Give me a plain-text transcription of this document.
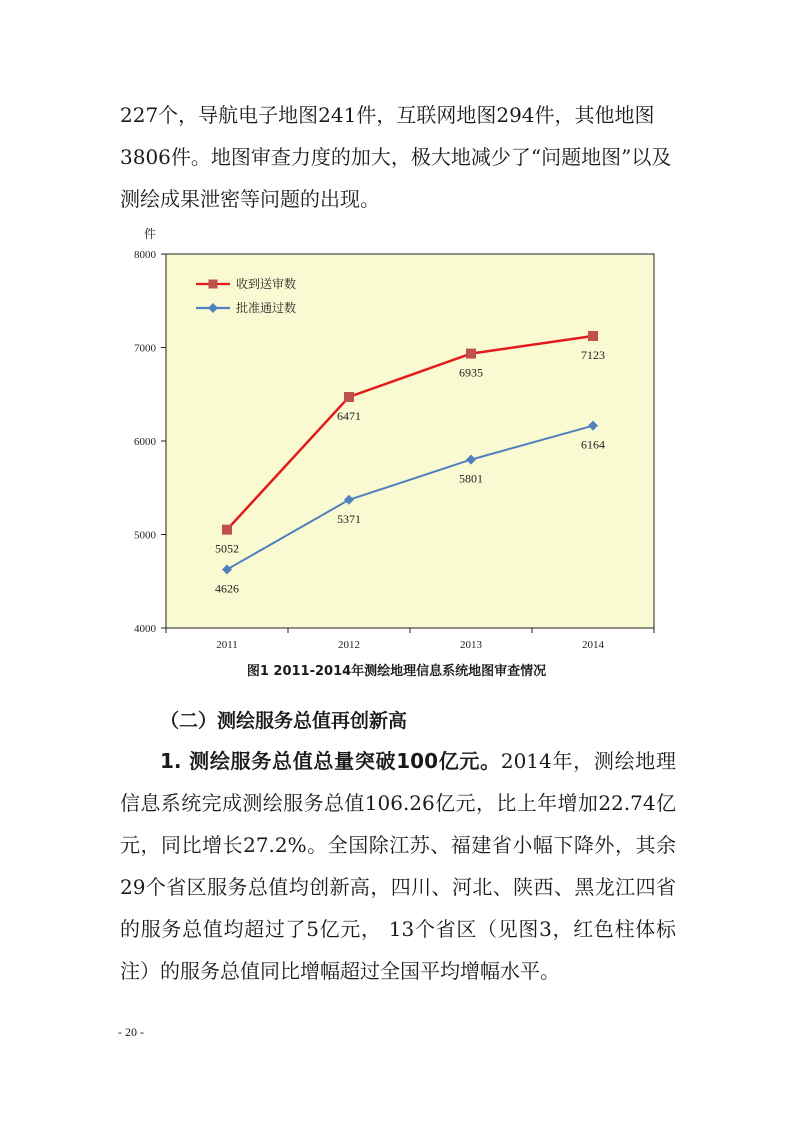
227个，导航电子地图241件，互联网地图294件，其他地图3806件。地图审查力度的加大，极大地减少了“问题地图”以及测绘成果泄密等问题的出现。

件
4000
5000
6000
7000
8000
2011	2012	2013	2014
5052
6471
6935
7123
4626
5371
5801
6164
收到送审数
批准通过数
图1 2011-2014年测绘地理信息系统地图审查情况
（二）测绘服务总值再创新高

1. 测绘服务总值总量突破100亿元。2014年，测绘地理信息系统完成测绘服务总值106.26亿元，比上年增加22.74亿元，同比增长27.2%。全国除江苏、福建省小幅下降外，其余29个省区服务总值均创新高，四川、河北、陕西、黑龙江四省的服务总值均超过了5亿元， 13个省区（见图3，红色柱体标注）的服务总值同比增幅超过全国平均增幅水平。

- 20 -
